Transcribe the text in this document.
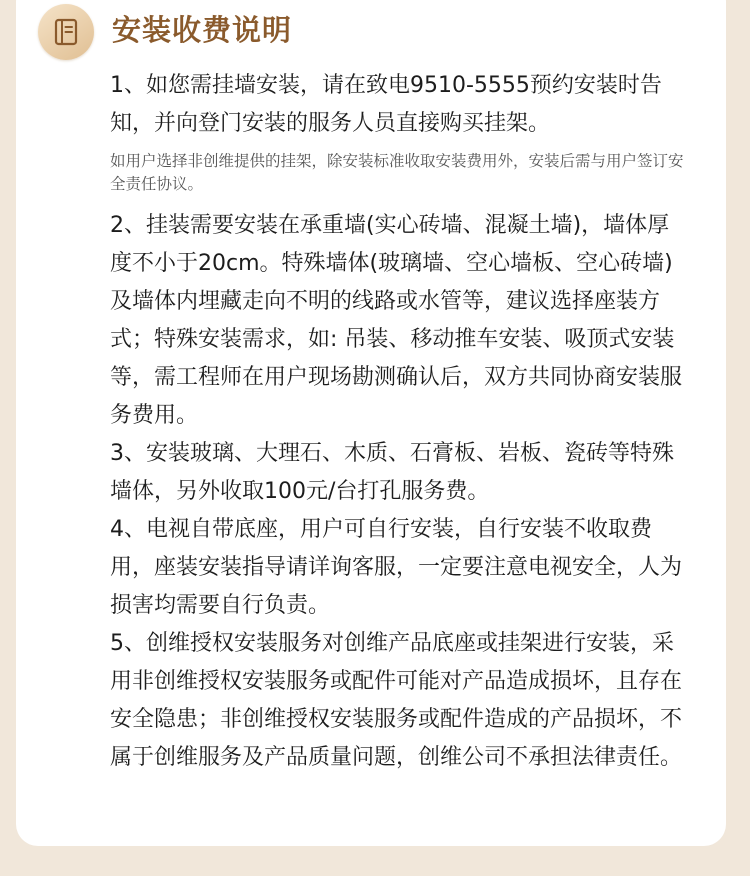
安装收费说明

1、如您需挂墙安装，请在致电9510-5555预约安装时告知，并向登门安装的服务人员直接购买挂架。

如用户选择非创维提供的挂架，除安装标准收取安装费用外，安装后需与用户签订安全责任协议。

2、挂装需要安装在承重墙(实心砖墙、混凝土墙)，墙体厚度不小于20cm。特殊墙体(玻璃墙、空心墙板、空心砖墙)及墙体内埋藏走向不明的线路或水管等，建议选择座装方式；特殊安装需求，如: 吊装、移动推车安装、吸顶式安装等，需工程师在用户现场勘测确认后，双方共同协商安装服务费用。

3、安装玻璃、大理石、木质、石膏板、岩板、瓷砖等特殊墙体，另外收取100元/台打孔服务费。

4、电视自带底座，用户可自行安装，自行安装不收取费用，座装安装指导请详询客服，一定要注意电视安全，人为损害均需要自行负责。

5、创维授权安装服务对创维产品底座或挂架进行安装，采用非创维授权安装服务或配件可能对产品造成损坏，且存在安全隐患；非创维授权安装服务或配件造成的产品损坏，不属于创维服务及产品质量问题，创维公司不承担法律责任。
